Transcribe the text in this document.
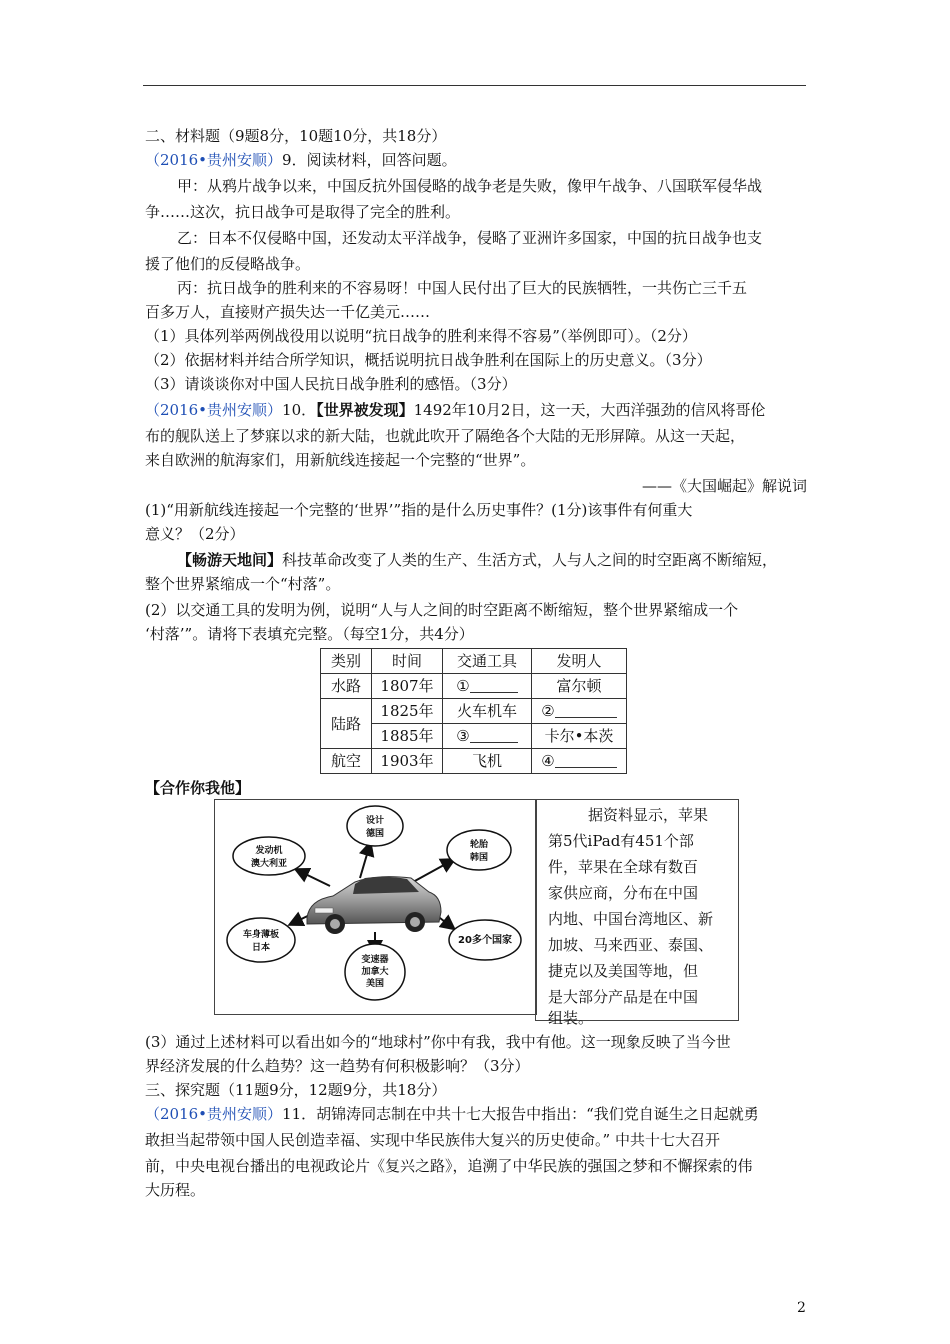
二、材料题（9题8分，10题10分，共18分）
（2016•贵州安顺）9．阅读材料，回答问题。
甲：从鸦片战争以来，中国反抗外国侵略的战争老是失败，像甲午战争、八国联军侵华战
争……这次，抗日战争可是取得了完全的胜利。
乙：日本不仅侵略中国，还发动太平洋战争，侵略了亚洲许多国家，中国的抗日战争也支
援了他们的反侵略战争。
丙：抗日战争的胜利来的不容易呀！中国人民付出了巨大的民族牺牲，一共伤亡三千五
百多万人，直接财产损失达一千亿美元……
（1）具体列举两例战役用以说明“抗日战争的胜利来得不容易”（举例即可）。（2分）
（2）依据材料并结合所学知识，概括说明抗日战争胜利在国际上的历史意义。（3分）
（3）请谈谈你对中国人民抗日战争胜利的感悟。（3分）
（2016•贵州安顺）10．【世界被发现】1492年10月2日，这一天，大西洋强劲的信风将哥伦
布的舰队送上了梦寐以求的新大陆，也就此吹开了隔绝各个大陆的无形屏障。从这一天起，
来自欧洲的航海家们，用新航线连接起一个完整的“世界”。
——《大国崛起》解说词
(1)“用新航线连接起一个完整的‘世界’”指的是什么历史事件？(1分)该事件有何重大
意义？（2分）
【畅游天地间】科技革命改变了人类的生产、生活方式，人与人之间的时空距离不断缩短，
整个世界紧缩成一个“村落”。
(2）以交通工具的发明为例，说明“人与人之间的时空距离不断缩短，整个世界紧缩成一个
‘村落’”。请将下表填充完整。（每空1分，共4分）
类别	时间	交通工具	发明人
水路	1807年	①	富尔顿
陆路	1825年	火车机车	②
	1885年	③	卡尔•本茨
航空	1903年	飞机	④
【合作你我他】
设计
德国
发动机
澳大利亚
轮胎
韩国
车身薄板
日本
20多个国家
变速器
加拿大
美国
据资料显示，苹果
第5代iPad有451个部
件，苹果在全球有数百
家供应商，分布在中国
内地、中国台湾地区、新
加坡、马来西亚、泰国、
捷克以及美国等地，但
是大部分产品是在中国
组装。
(3）通过上述材料可以看出如今的“地球村”你中有我，我中有他。这一现象反映了当今世
界经济发展的什么趋势？这一趋势有何积极影响？（3分）
三、探究题（11题9分，12题9分，共18分）
（2016•贵州安顺）11．胡锦涛同志制在中共十七大报告中指出：“我们党自诞生之日起就勇
敢担当起带领中国人民创造幸福、实现中华民族伟大复兴的历史使命。” 中共十七大召开
前，中央电视台播出的电视政论片《复兴之路》，追溯了中华民族的强国之梦和不懈探索的伟
大历程。
2
